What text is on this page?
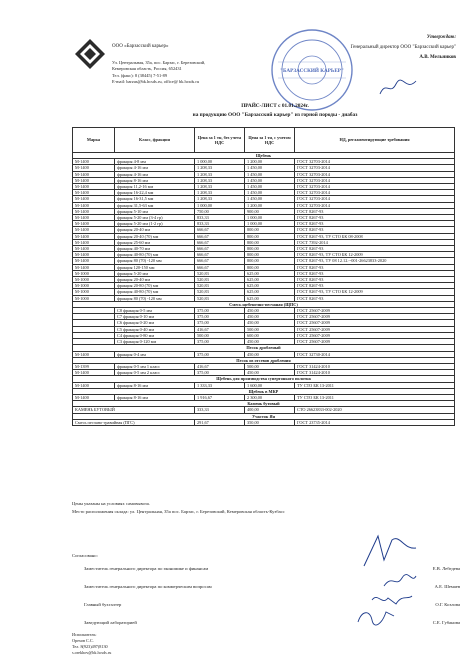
ООО «Барзасский карьер»
Ул. Центральная, 35а, пос. Барзас, г. Березовский,
Кемеровская область, Россия, 652431
Тел. (факс): 8 (38445) 7-51-89
E-mail: barzas@bk.hcsds.ru, office@ bk.hcsds.ru
"БАРЗАССКИЙ КАРЬЕР"
Утверждаю:
Генеральный директор ООО "Барзасский карьер"
А.В. Мельников
ПРАЙС-ЛИСТ с 01.01.2024г.
на продукцию ООО "Барзасский карьер" из горной породы - диабаз
Марка	Класс, фракция	Цена за 1 тн, без учета НДС	Цена за 1 тн, с учетом НДС	НД, регламентирующие требования
Щебень				
М-1400	фракция 4-8 мм	1 000,00	1 200,00	ГОСТ 32703-2014
М-1400	фракция 4-16 мм	1 208,33	1 450,00	ГОСТ 32703-2014
М-1400	фракция 4-16 мм	1 208,33	1 450,00	ГОСТ 32703-2014
М-1400	фракция 8-16 мм	1 208,33	1 450,00	ГОСТ 32703-2014
М-1400	фракция 11,2-16 мм	1 208,33	1 450,00	ГОСТ 32703-2014
М-1400	фракция 16-22,4 мм	1 208,33	1 450,00	ГОСТ 32703-2014
М-1400	фракция 16-31,5 мм	1 208,33	1 450,00	ГОСТ 32703-2014
М-1400	фракция 31,5-63 мм	1 000,00	1 200,00	ГОСТ 32703-2014
М-1400	фракция 5-10 мм	750,00	900,00	ГОСТ 8267-93
М-1400	фракция 5-20 мм (3-4 гр)	833,33	1 000,00	ГОСТ 8267-93
М-1400	фракция 5-20 мм (1-2 гр)	833,33	1 000,00	ГОСТ 8267-93
М-1400	фракция 20-40 мм	666,67	800,00	ГОСТ 8267-93
М-1400	фракция 20-40 (70) мм	666,67	800,00	ГОСТ 8267-93, ТУ СТО БК 08-2008
М-1400	фракция 25-60 мм	666,67	800,00	ГОСТ 7392-2014
М-1400	фракция 40-70 мм	666,67	800,00	ГОСТ 8267-93
М-1400	фракция 40-80 (70) мм	666,67	800,00	ГОСТ 8267-93, ТУ СТО БК 12-2009
М-1400	фракция 80 (70) -120 мм	666,67	800,00	ГОСТ 8267-93, ТУ 08 12.12.--001-26623833-2020
М-1400	фракция 120-150 мм	666,67	800,00	ГОСТ 8267-93
М-1000	фракция 5-20 мм	520,83	625,00	ГОСТ 8267-93
М-1000	фракция 20-40 мм	520,83	625,00	ГОСТ 8267-93
М-1000	фракция 20-80 (70) мм	520,83	625,00	ГОСТ 8267-93
М-1000	фракция 40-80 (70) мм	520,83	625,00	ГОСТ 8267-93, ТУ СТО БК 12-2009
М-1000	фракция 80 (70) -120 мм	520,83	625,00	ГОСТ 8267-93
Смесь щебеночно-песчаная (ЩПС)				
	С8 фракция 0-5 мм	375,00	450,00	ГОСТ 25607-2009
	С7 фракция 0-10 мм	375,00	450,00	ГОСТ 25607-2009
	С6 фракция 0-20 мм	375,00	450,00	ГОСТ 25607-2009
	С5 фракция 0-40 мм	416,67	500,00	ГОСТ 25607-2009
	С4 фракция 0-80 мм	500,00	600,00	ГОСТ 25607-2009
	С3 фракция 0-120 мм	375,00	450,00	ГОСТ 25607-2009
Песок дробленый				
М-1400	фракция 0-4 мм	375,00	450,00	ГОСТ 32730-2014
Песок из отсевов дробления				
М-1399	фракция 0-5 мм 1 класс	416,67	500,00	ГОСТ 31424-2010
М-1400	фракция 0-5 мм 2 класс	375,00	450,00	ГОСТ 31424-2010
Щебень для производства супертонкого полотна				
М-1400	фракция 8-16 мм	1 333,33	1 600,00	ТУ СТО БК 13-2011
Щебень в МКР				
М-1400	фракция 8-16 мм	1 916,67	2 300,00	ТУ СТО БК 13-2011
Камень бутовый				
КАМЕНЬ БУТОВЫЙ		333,33	400,00	СТО 26623833-002-2020
Участок Яя				
Смесь песчано-гравийная (ПГС)		291,67	350,00	ГОСТ 23735-2014
Цены указаны на условиях самовывоза.
Место расположения склада: ул. Центральная, 35а пос. Барзас, г. Березовский, Кемеровская область-Кузбасс
Согласовано:
Заместитель генерального директора по экономике и финансам	Е.В. Лебедева
Заместитель генерального директора по коммерческим вопросам	А.Е. Шемаев
Главный бухгалтер	О.Г. Козлова
Заведующий лабораторией	С.Е. Губанова
Исполнитель:
Орехов С.С.
Тел. 8(923)497(8130
s.orekhov@bk.hcsds.ru
